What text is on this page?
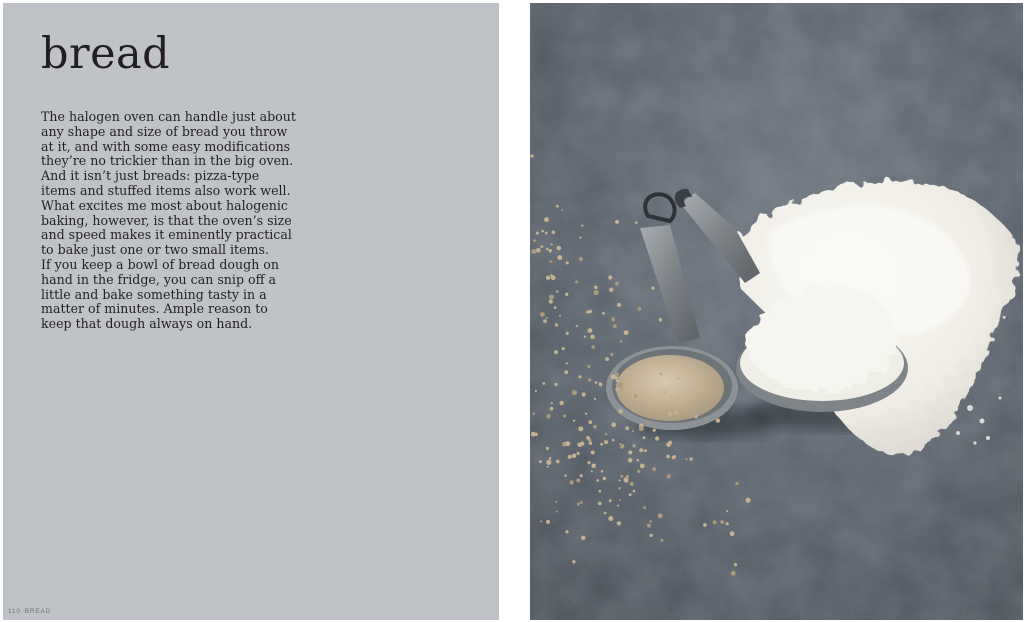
bread

The halogen oven can handle just about
any shape and size of bread you throw
at it, and with some easy modifications
they’re no trickier than in the big oven.
And it isn’t just breads: pizza-type
items and stuffed items also work well.
What excites me most about halogenic
baking, however, is that the oven’s size
and speed makes it eminently practical
to bake just one or two small items.
If you keep a bowl of bread dough on
hand in the fridge, you can snip off a
little and bake something tasty in a
matter of minutes. Ample reason to
keep that dough always on hand.

110 BREAD
